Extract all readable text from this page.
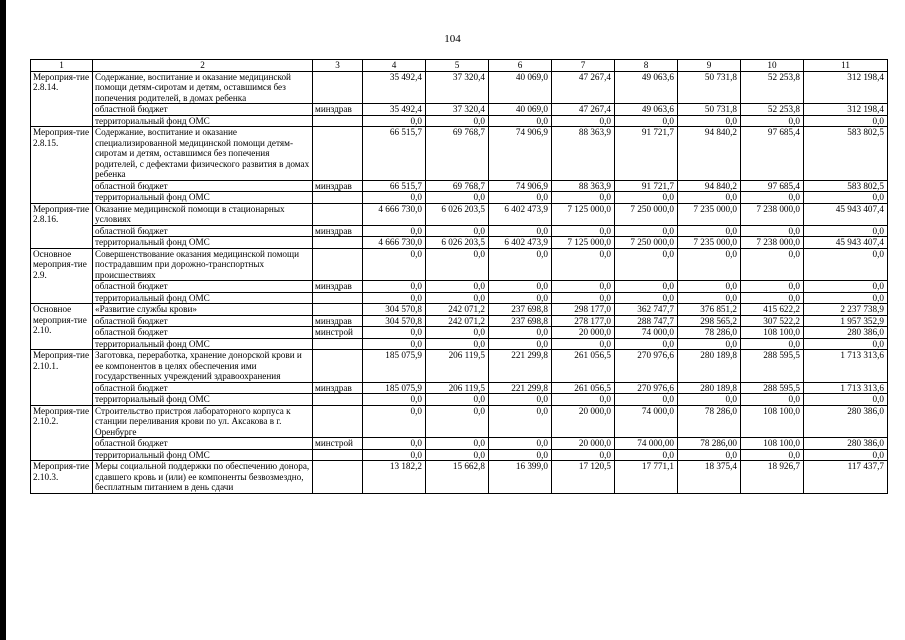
104
1	2	3	4	5	6	7	8	9	10	11
Мероприя-тие 2.8.14.	Содержание, воспитание и оказание медицинской помощи детям-сиротам и детям, оставшимся без попечения родителей, в домах ребенка		35 492,4	37 320,4	40 069,0	47 267,4	49 063,6	50 731,8	52 253,8	312 198,4
	областной бюджет	минздрав	35 492,4	37 320,4	40 069,0	47 267,4	49 063,6	50 731,8	52 253,8	312 198,4
	территориальный фонд ОМС		0,0	0,0	0,0	0,0	0,0	0,0	0,0	0,0
Мероприя-тие 2.8.15.	Содержание, воспитание и оказание специализированной медицинской помощи детям-сиротам и детям, оставшимся без попечения родителей, с дефектами физического развития в домах ребенка		66 515,7	69 768,7	74 906,9	88 363,9	91 721,7	94 840,2	97 685,4	583 802,5
	областной бюджет	минздрав	66 515,7	69 768,7	74 906,9	88 363,9	91 721,7	94 840,2	97 685,4	583 802,5
	территориальный фонд ОМС		0,0	0,0	0,0	0,0	0,0	0,0	0,0	0,0
Мероприя-тие 2.8.16.	Оказание медицинской помощи в стационарных условиях		4 666 730,0	6 026 203,5	6 402 473,9	7 125 000,0	7 250 000,0	7 235 000,0	7 238 000,0	45 943 407,4
	областной бюджет	минздрав	0,0	0,0	0,0	0,0	0,0	0,0	0,0	0,0
	территориальный фонд ОМС		4 666 730,0	6 026 203,5	6 402 473,9	7 125 000,0	7 250 000,0	7 235 000,0	7 238 000,0	45 943 407,4
Основное мероприя-тие 2.9.	Совершенствование оказания медицинской помощи пострадавшим при дорожно-транспортных происшествиях		0,0	0,0	0,0	0,0	0,0	0,0	0,0	0,0
	областной бюджет	минздрав	0,0	0,0	0,0	0,0	0,0	0,0	0,0	0,0
	территориальный фонд ОМС		0,0	0,0	0,0	0,0	0,0	0,0	0,0	0,0
Основное мероприя-тие 2.10.	«Развитие службы крови»		304 570,8	242 071,2	237 698,8	298 177,0	362 747,7	376 851,2	415 622,2	2 237 738,9
	областной бюджет	минздрав	304 570,8	242 071,2	237 698,8	278 177,0	288 747,7	298 565,2	307 522,2	1 957 352,9
	областной бюджет	минстрой	0,0	0,0	0,0	20 000,0	74 000,0	78 286,0	108 100,0	280 386,0
	территориальный фонд ОМС		0,0	0,0	0,0	0,0	0,0	0,0	0,0	0,0
Мероприя-тие 2.10.1.	Заготовка, переработка, хранение донорской крови и ее компонентов в целях обеспечения ими государственных учреждений здравоохранения		185 075,9	206 119,5	221 299,8	261 056,5	270 976,6	280 189,8	288 595,5	1 713 313,6
	областной бюджет	минздрав	185 075,9	206 119,5	221 299,8	261 056,5	270 976,6	280 189,8	288 595,5	1 713 313,6
	территориальный фонд ОМС		0,0	0,0	0,0	0,0	0,0	0,0	0,0	0,0
Мероприя-тие 2.10.2.	Строительство пристроя лабораторного корпуса к станции переливания крови по ул. Аксакова в г. Оренбурге		0,0	0,0	0,0	20 000,0	74 000,0	78 286,0	108 100,0	280 386,0
	областной бюджет	минстрой	0,0	0,0	0,0	20 000,0	74 000,00	78 286,00	108 100,0	280 386,0
	территориальный фонд ОМС		0,0	0,0	0,0	0,0	0,0	0,0	0,0	0,0
Мероприя-тие 2.10.3.	Меры социальной поддержки по обеспечению донора, сдавшего кровь и (или) ее компоненты безвозмездно, бесплатным питанием в день сдачи		13 182,2	15 662,8	16 399,0	17 120,5	17 771,1	18 375,4	18 926,7	117 437,7
